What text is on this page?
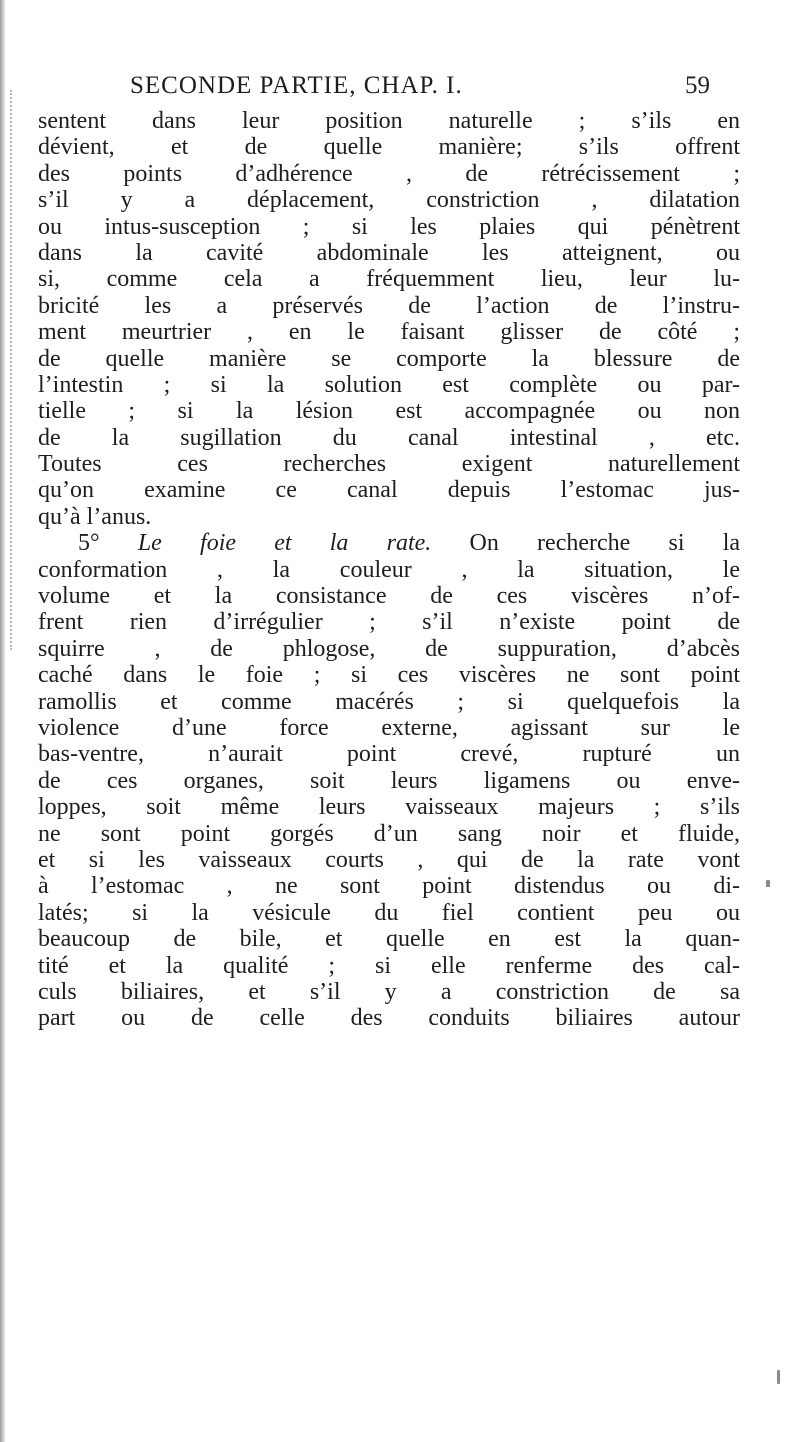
SECONDE PARTIE, CHAP. I.	59
sentent dans leur position naturelle ; s’ils en
dévient, et de quelle manière; s’ils offrent
des points d’adhérence , de rétrécissement ;
s’il y a déplacement, constriction , dilatation
ou intus-susception ; si les plaies qui pénètrent
dans la cavité abdominale les atteignent, ou
si, comme cela a fréquemment lieu, leur lu-
bricité les a préservés de l’action de l’instru-
ment meurtrier , en le faisant glisser de côté ;
de quelle manière se comporte la blessure de
l’intestin ; si la solution est complète ou par-
tielle ; si la lésion est accompagnée ou non
de la sugillation du canal intestinal , etc.
Toutes ces recherches exigent naturellement
qu’on examine ce canal depuis l’estomac jus-
qu’à l’anus.
5° Le foie et la rate. On recherche si la
conformation , la couleur , la situation, le
volume et la consistance de ces viscères n’of-
frent rien d’irrégulier ; s’il n’existe point de
squirre , de phlogose, de suppuration, d’abcès
caché dans le foie ; si ces viscères ne sont point
ramollis et comme macérés ; si quelquefois la
violence d’une force externe, agissant sur le
bas-ventre, n’aurait point crevé, rupturé un
de ces organes, soit leurs ligamens ou enve-
loppes, soit même leurs vaisseaux majeurs ; s’ils
ne sont point gorgés d’un sang noir et fluide,
et si les vaisseaux courts , qui de la rate vont
à l’estomac , ne sont point distendus ou di-
latés; si la vésicule du fiel contient peu ou
beaucoup de bile, et quelle en est la quan-
tité et la qualité ; si elle renferme des cal-
culs biliaires, et s’il y a constriction de sa
part ou de celle des conduits biliaires autour
